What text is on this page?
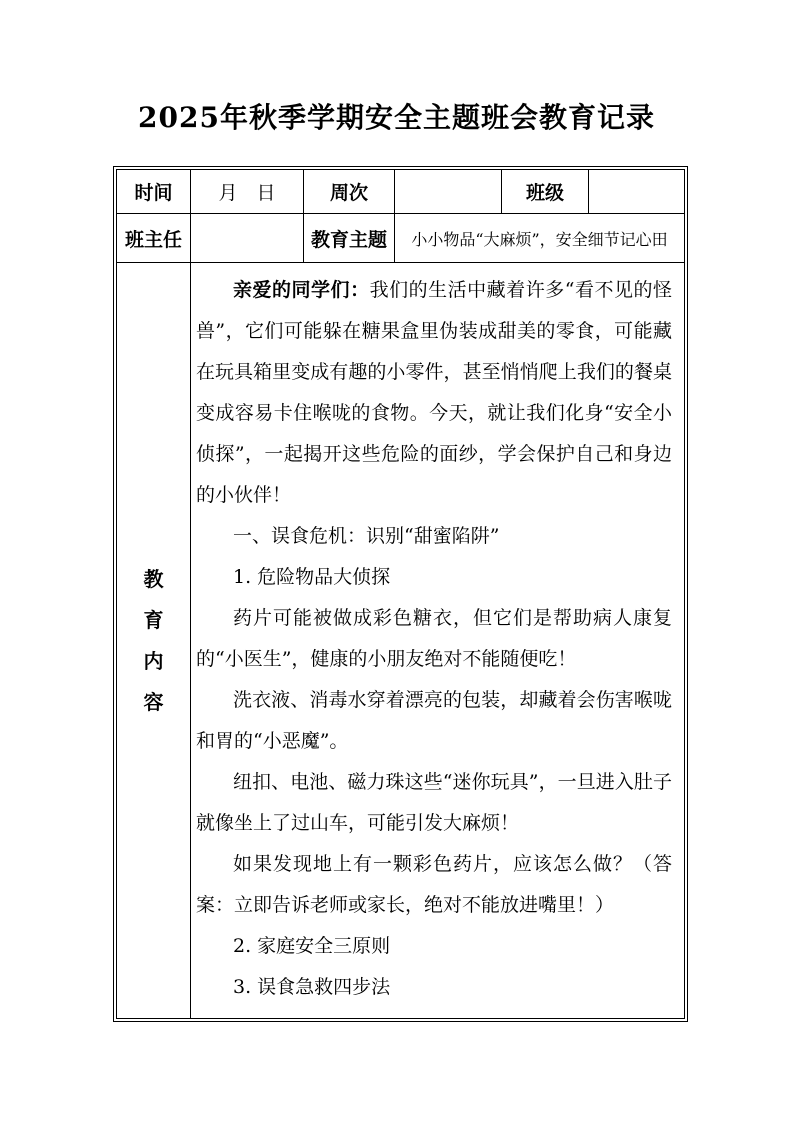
2025年秋季学期安全主题班会教育记录
时间	月　日	周次	班级
班主任	教育主题	小小物品“大麻烦”，安全细节记心田
教
育
内
容

亲爱的同学们：我们的生活中藏着许多“看不见的怪兽”，它们可能躲在糖果盒里伪装成甜美的零食，可能藏在玩具箱里变成有趣的小零件，甚至悄悄爬上我们的餐桌变成容易卡住喉咙的食物。今天，就让我们化身“安全小侦探”，一起揭开这些危险的面纱，学会保护自己和身边的小伙伴！

一、误食危机：识别“甜蜜陷阱”

1. 危险物品大侦探

药片可能被做成彩色糖衣，但它们是帮助病人康复的“小医生”，健康的小朋友绝对不能随便吃！

洗衣液、消毒水穿着漂亮的包装，却藏着会伤害喉咙和胃的“小恶魔”。

纽扣、电池、磁力珠这些“迷你玩具”，一旦进入肚子就像坐上了过山车，可能引发大麻烦！

如果发现地上有一颗彩色药片，应该怎么做？（答案：立即告诉老师或家长，绝对不能放进嘴里！）

2. 家庭安全三原则

3. 误食急救四步法
